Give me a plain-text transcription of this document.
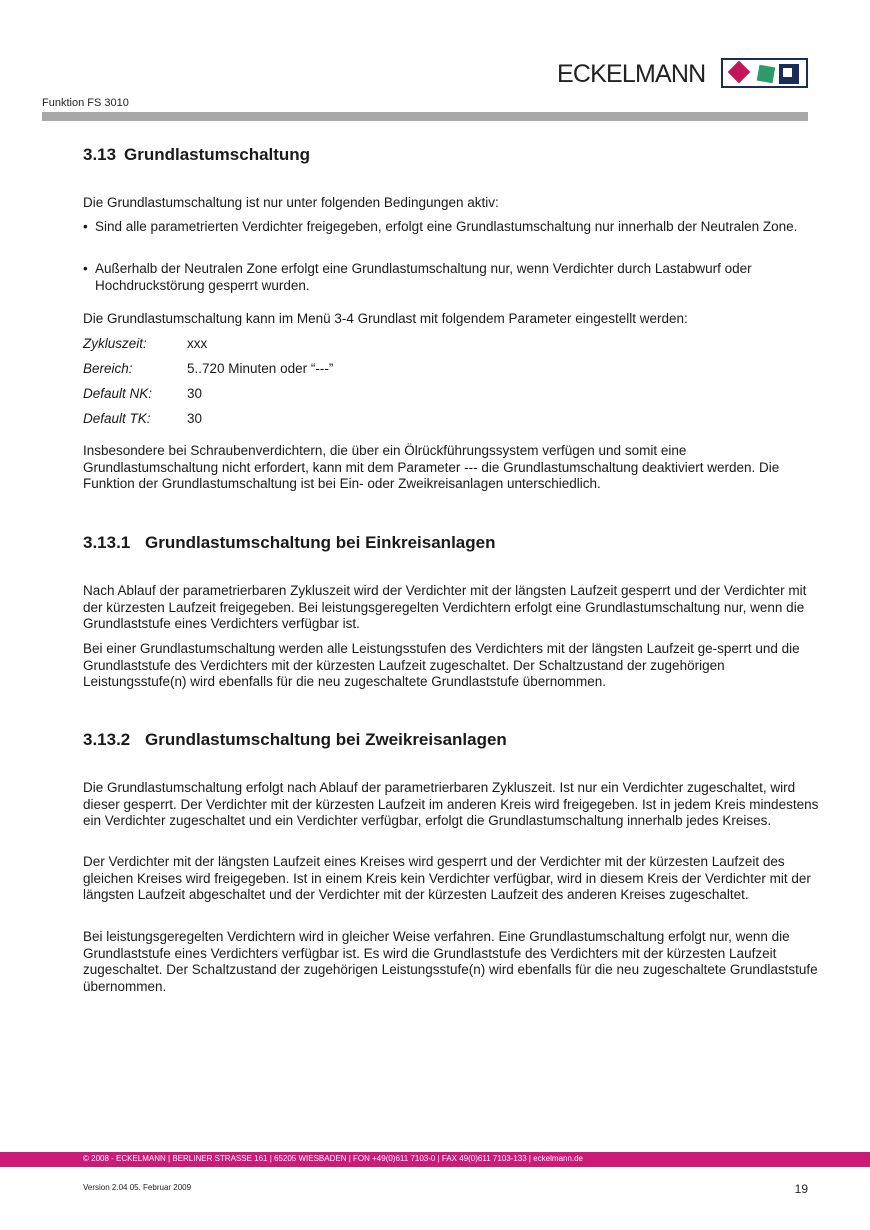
ECKELMANN
Funktion FS 3010
3.13 Grundlastumschaltung

Die Grundlastumschaltung ist nur unter folgenden Bedingungen aktiv:

• Sind alle parametrierten Verdichter freigegeben, erfolgt eine Grundlastumschaltung nur innerhalb der Neutralen Zone.
• Außerhalb der Neutralen Zone erfolgt eine Grundlastumschaltung nur, wenn Verdichter durch Lastabwurf oder Hochdruckstörung gesperrt wurden.

Die Grundlastumschaltung kann im Menü 3-4 Grundlast mit folgendem Parameter eingestellt werden:

Zykluszeit:	xxx
Bereich:	5..720 Minuten oder “---”
Default NK:	30
Default TK:	30

Insbesondere bei Schraubenverdichtern, die über ein Ölrückführungssystem verfügen und somit eine Grundlastumschaltung nicht erfordert, kann mit dem Parameter --- die Grundlastumschaltung deaktiviert werden. Die Funktion der Grundlastumschaltung ist bei Ein- oder Zweikreisanlagen unterschiedlich.

3.13.1 Grundlastumschaltung bei Einkreisanlagen

Nach Ablauf der parametrierbaren Zykluszeit wird der Verdichter mit der längsten Laufzeit gesperrt und der Verdichter mit der kürzesten Laufzeit freigegeben. Bei leistungsgeregelten Verdichtern erfolgt eine Grundlastumschaltung nur, wenn die Grundlaststufe eines Verdichters verfügbar ist.

Bei einer Grundlastumschaltung werden alle Leistungsstufen des Verdichters mit der längsten Laufzeit ge-sperrt und die Grundlaststufe des Verdichters mit der kürzesten Laufzeit zugeschaltet. Der Schaltzustand der zugehörigen Leistungsstufe(n) wird ebenfalls für die neu zugeschaltete Grundlaststufe übernommen.

3.13.2 Grundlastumschaltung bei Zweikreisanlagen

Die Grundlastumschaltung erfolgt nach Ablauf der parametrierbaren Zykluszeit. Ist nur ein Verdichter zugeschaltet, wird dieser gesperrt. Der Verdichter mit der kürzesten Laufzeit im anderen Kreis wird freigegeben. Ist in jedem Kreis mindestens ein Verdichter zugeschaltet und ein Verdichter verfügbar, erfolgt die Grundlastumschaltung innerhalb jedes Kreises.

Der Verdichter mit der längsten Laufzeit eines Kreises wird gesperrt und der Verdichter mit der kürzesten Laufzeit des gleichen Kreises wird freigegeben. Ist in einem Kreis kein Verdichter verfügbar, wird in diesem Kreis der Verdichter mit der längsten Laufzeit abgeschaltet und der Verdichter mit der kürzesten Laufzeit des anderen Kreises zugeschaltet.

Bei leistungsgeregelten Verdichtern wird in gleicher Weise verfahren. Eine Grundlastumschaltung erfolgt nur, wenn die Grundlaststufe eines Verdichters verfügbar ist. Es wird die Grundlaststufe des Verdichters mit der kürzesten Laufzeit zugeschaltet. Der Schaltzustand der zugehörigen Leistungsstufe(n) wird ebenfalls für die neu zugeschaltete Grundlaststufe übernommen.

© 2008 - ECKELMANN | BERLINER STRASSE 161 | 65205 WIESBADEN | FON +49(0)611 7103-0 | FAX 49(0)611 7103-133 | eckelmann.de
Version 2.04 05. Februar 2009	19
